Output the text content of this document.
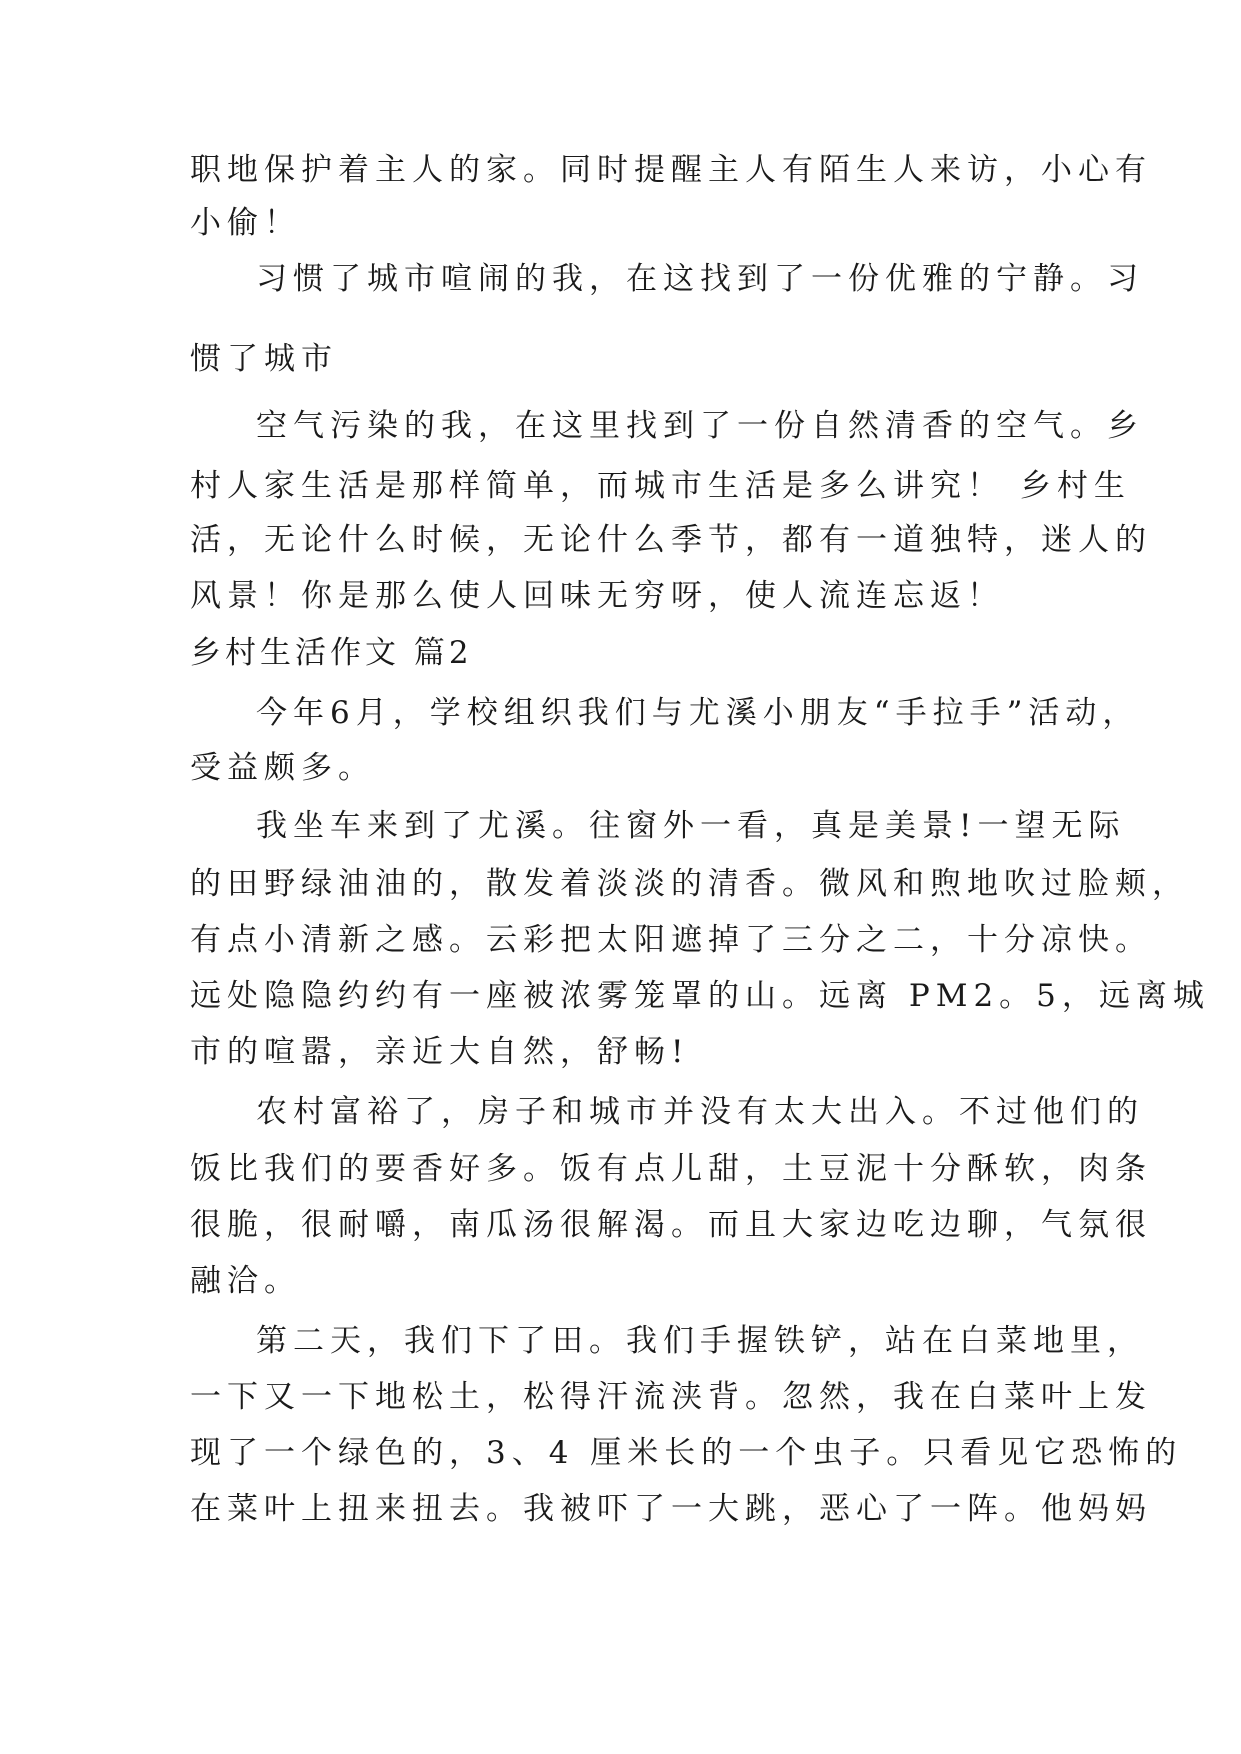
职地保护着主人的家。同时提醒主人有陌生人来访，小心有
小偷！
习惯了城市喧闹的我，在这找到了一份优雅的宁静。习
惯了城市
空气污染的我，在这里找到了一份自然清香的空气。乡
村人家生活是那样简单，而城市生活是多么讲究！ 乡村生
活，无论什么时候，无论什么季节，都有一道独特，迷人的
风景！你是那么使人回味无穷呀，使人流连忘返！
乡村生活作文 篇2
今年6月，学校组织我们与尤溪小朋友“手拉手”活动，
受益颇多。
我坐车来到了尤溪。往窗外一看，真是美景!一望无际
的田野绿油油的，散发着淡淡的清香。微风和煦地吹过脸颊，
有点小清新之感。云彩把太阳遮掉了三分之二，十分凉快。
远处隐隐约约有一座被浓雾笼罩的山。远离 PM2。5，远离城
市的喧嚣，亲近大自然，舒畅!
农村富裕了，房子和城市并没有太大出入。不过他们的
饭比我们的要香好多。饭有点儿甜，土豆泥十分酥软，肉条
很脆，很耐嚼，南瓜汤很解渴。而且大家边吃边聊，气氛很
融洽。
第二天，我们下了田。我们手握铁铲，站在白菜地里，
一下又一下地松土，松得汗流浃背。忽然，我在白菜叶上发
现了一个绿色的，3、4 厘米长的一个虫子。只看见它恐怖的
在菜叶上扭来扭去。我被吓了一大跳，恶心了一阵。他妈妈
